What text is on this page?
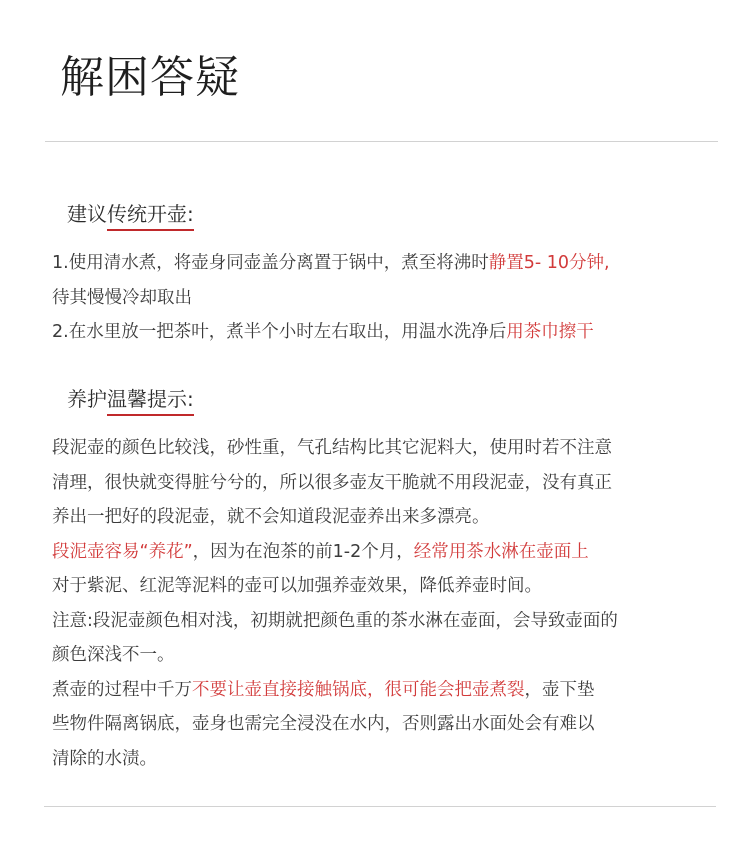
解困答疑
建议传统开壶:
1.使用清水煮，将壶身同壶盖分离置于锅中，煮至将沸时静置5- 10分钟,
待其慢慢冷却取出
2.在水里放一把茶叶，煮半个小时左右取出，用温水洗净后用茶巾擦干
养护温馨提示:
段泥壶的颜色比较浅，砂性重，气孔结构比其它泥料大，使用时若不注意
清理，很快就变得脏兮兮的，所以很多壶友干脆就不用段泥壶，没有真正
养出一把好的段泥壶，就不会知道段泥壶养出来多漂亮。
段泥壶容易“养花”，因为在泡茶的前1-2个月，经常用茶水淋在壶面上
对于紫泥、红泥等泥料的壶可以加强养壶效果，降低养壶时间。
注意:段泥壶颜色相对浅，初期就把颜色重的茶水淋在壶面，会导致壶面的
颜色深浅不一。
煮壶的过程中千万不要让壶直接接触锅底，很可能会把壶煮裂，壶下垫
些物件隔离锅底，壶身也需完全浸没在水内，否则露出水面处会有难以
清除的水渍。
